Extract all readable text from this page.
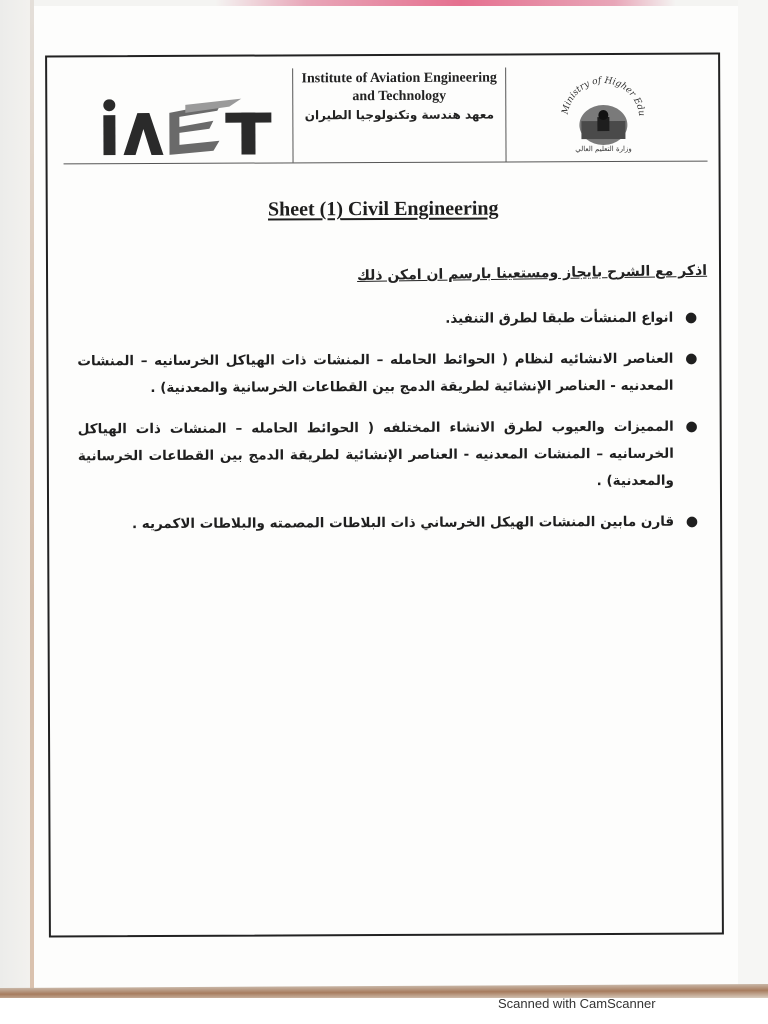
Institute of Aviation Engineering and Technology
معهد هندسة وتكنولوجيا الطيران	Ministry of Higher Education
وزارة التعليم العالي
Sheet (1) Civil Engineering
اذكر مع الشرح بايجاز ومستعينا بارسم ان امكن ذلك
●
انواع المنشأت طبقا لطرق التنفيذ.
●
العناصر الانشائيه لنظام ( الحوائط الحامله – المنشات ذات الهياكل الخرسانيه – المنشات المعدنيه - العناصر الإنشائية لطريقة الدمج بين القطاعات الخرسانية والمعدنية) .
●
المميزات والعيوب لطرق الانشاء المختلفه ( الحوائط الحامله – المنشات ذات الهياكل الخرسانيه – المنشات المعدنيه - العناصر الإنشائية لطريقة الدمج بين القطاعات الخرسانية والمعدنية) .
●
قارن مابين المنشات الهيكل الخرساني ذات البلاطات المصمته والبلاطات الاكمريه .
Scanned with CamScanner
